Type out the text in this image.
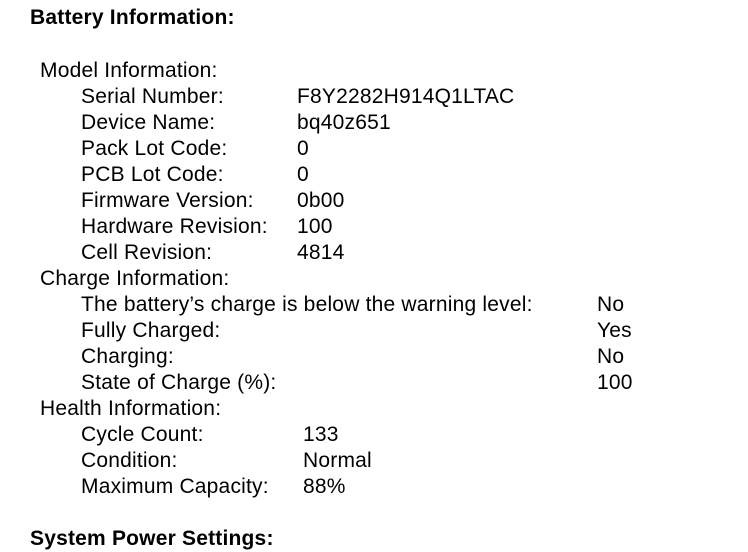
Battery Information:
Model Information:
Serial Number:	F8Y2282H914Q1LTAC
Device Name:	bq40z651
Pack Lot Code:	0
PCB Lot Code:	0
Firmware Version: 0b00
Hardware Revision: 100
Cell Revision:	4814
Charge Information:
The battery’s charge is below the warning level:	No
Fully Charged:	Yes
Charging:	No
State of Charge (%):	100
Health Information:
Cycle Count:	133
Condition:	Normal
Maximum Capacity: 88%
System Power Settings:
